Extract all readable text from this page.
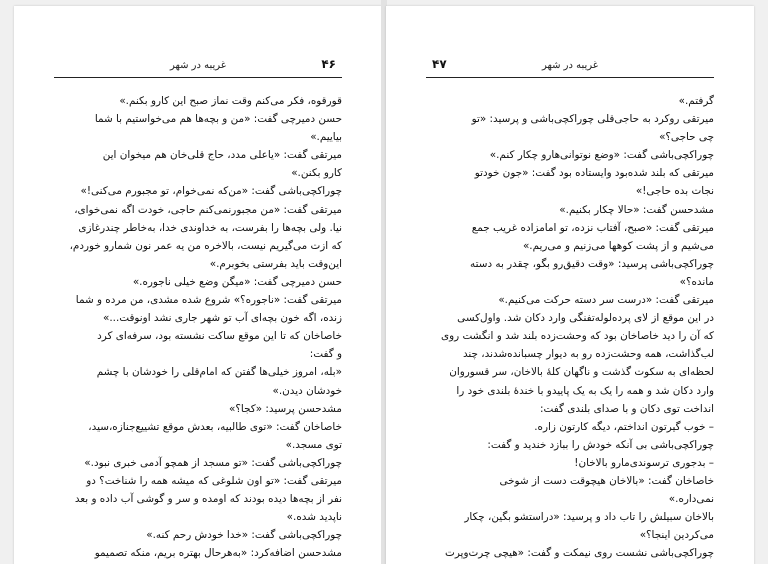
۴۶
غریبه در شهر

قورقوه، فکر می‌کنم وقت نماز صبح این کارو بکنم.»

حسن دمیرچی گفت: «من و بچه‌ها هم می‌خواستیم با شما

بیاییم.»

میرتقی گفت: «یاعلی مدد، حاج قلی‌خان هم میخوان این

کارو بکنن.»

چوراکچی‌باشی گفت: «من‌که نمی‌خوام، تو مجبورم می‌کنی!»

میرتقی گفت: «من مجبورنمی‌کنم حاجی، خودت اگه نمی‌خوای،

نیا. ولی بچه‌ها را بفرست، به خداوندی خدا، به‌خاطر چندرغازی

که ازت می‌گیریم نیست، بالاخره من یه عمر نون شمارو خوردم،

این‌وقت باید بفرستی بخوبرم.»

حسن دمیرچی گفت: «میگن وضع خیلی ناجوره.»

میرتقی گفت: «ناجوره؟» شروع شده مشدی، من مرده و شما

زنده، اگه خون بچه‌ای آب تو شهر جاری نشد اونوقت...»

خاصاخان که تا این موقع ساکت نشسته بود، سرفه‌ای کرد

و گفت:

«بله، امروز خیلی‌ها گفتن که امام‌قلی را خودشان با چشم

خودشان دیدن.»

مشدحسن پرسید: «کجا؟»

خاصاخان گفت: «توی طالبیه، بعدش موقع تشییع‌جنازه،سید،

توی مسجد.»

چوراکچی‌باشی گفت: «تو مسجد از همچو آدمی خبری نبود.»

میرتقی گفت: «تو اون شلوغی که میشه همه را شناخت؟ دو

نفر از بچه‌ها دیده بودند که اومده و سر و گوشی آب داده و بعد

ناپدید شده.»

چوراکچی‌باشی گفت: «خدا خودش رحم کنه.»

مشدحسن اضافه‌کرد: «به‌هرحال بهتره بریم، منکه تصمیمو

۴۷	غریبه در شهر

گرفتم.»

میرتقی روکرد به حاجی‌قلی چوراکچی‌باشی و پرسید: «تو

چی حاجی؟»

چوراکچی‌باشی گفت: «وضع نوتوانی‌هارو چکار کنم.»

میرتقی که بلند شده‌بود وایستاده بود گفت: «جون خودتو

نجات بده حاجی!»

مشدحسن گفت: «حالا چکار بکنیم.»

میرتقی گفت: «صبح، آفتاب نزده، تو امامزاده غریب جمع

می‌شیم و از پشت کوهها می‌زنیم و می‌ریم.»

چوراکچی‌باشی پرسید: «وقت دقیق‌رو بگو، چقدر به دسته

مانده؟»

میرتقی گفت: «درست سر دسته حرکت می‌کنیم.»

در این موقع از لای پرده‌لوله‌تفنگی وارد دکان شد. واول‌کسی

که آن را دید خاصاخان بود که وحشت‌زده بلند شد و انگشت روی

لب‌گذاشت، همه وحشت‌زده رو به دیوار چسبانده‌شدند، چند

لحظه‌ای به سکوت گذشت و ناگهان کلهٔ بالاخان، سر قسوروان

وارد دکان شد و همه را یک به یک پاییدو با خندهٔ بلندی خود را

انداخت توی دکان و با صدای بلندی گفت:

– خوب گیرتون انداختم، دیگه کارتون زاره.

چوراکچی‌باشی بی آنکه خودش را ببازد خندید و گفت:

– بدجوری ترسوندی‌مارو بالاخان!

خاصاخان گفت: «بالاخان هیچوقت دست از شوخی

نمی‌داره.»

بالاخان سبیلش را تاب داد و پرسید: «دراستشو بگین، چکار

می‌کردین اینجا؟»

چوراکچی‌باشی نشست روی نیمکت و گفت: «هیچی چرت‌وپرت
